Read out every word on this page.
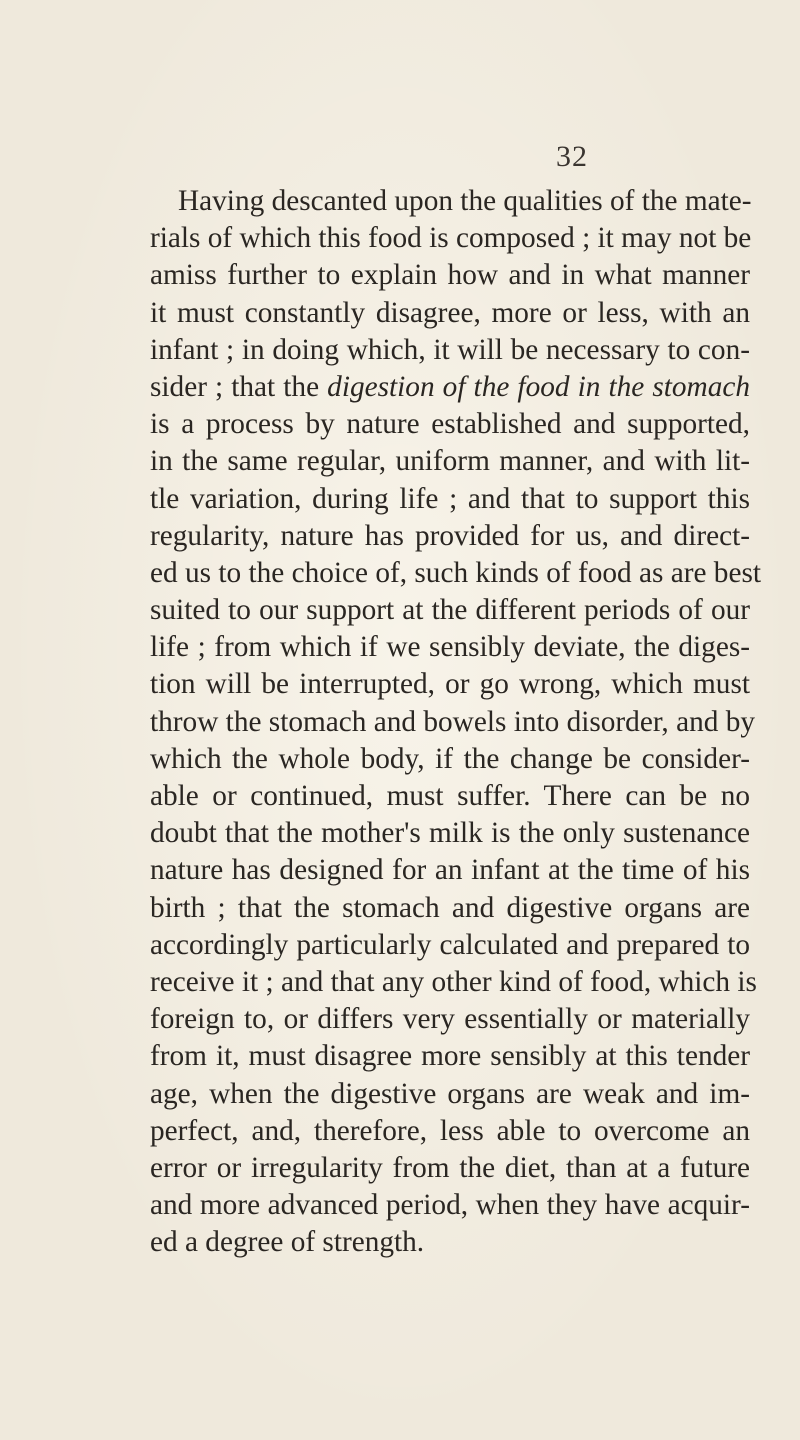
32
Having descanted upon the qualities of the mate-
rials of which this food is composed ; it may not be
amiss further to explain how and in what manner
it must constantly disagree, more or less, with an
infant ; in doing which, it will be necessary to con-
sider ; that the digestion of the food in the stomach
is a process by nature established and supported,
in the same regular, uniform manner, and with lit-
tle variation, during life ; and that to support this
regularity, nature has provided for us, and direct-
ed us to the choice of, such kinds of food as are best
suited to our support at the different periods of our
life ; from which if we sensibly deviate, the diges-
tion will be interrupted, or go wrong, which must
throw the stomach and bowels into disorder, and by
which the whole body, if the change be consider-
able or continued, must suffer. There can be no
doubt that the mother's milk is the only sustenance
nature has designed for an infant at the time of his
birth ; that the stomach and digestive organs are
accordingly particularly calculated and prepared to
receive it ; and that any other kind of food, which is
foreign to, or differs very essentially or materially
from it, must disagree more sensibly at this tender
age, when the digestive organs are weak and im-
perfect, and, therefore, less able to overcome an
error or irregularity from the diet, than at a future
and more advanced period, when they have acquir-
ed a degree of strength.
